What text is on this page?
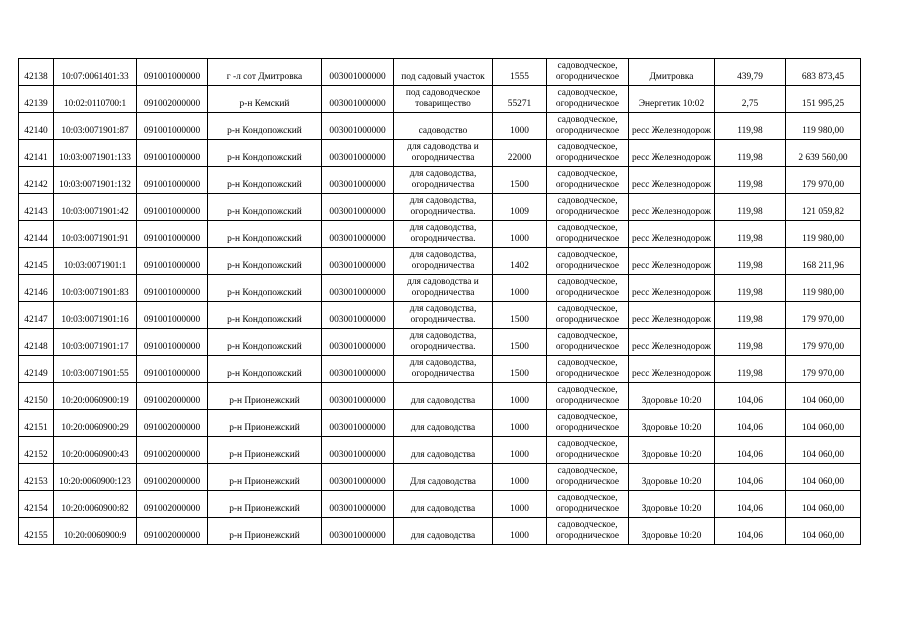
42138	10:07:0061401:33	091001000000	г -л сот Дмитровка	003001000000	под садовый участок	1555	садоводческое,
огородническое	Дмитровка	439,79	683 873,45
42139	10:02:0110700:1	091002000000	р-н Кемский	003001000000	под садоводческое
товарищество	55271	садоводческое,
огородническое	Энергетик 10:02	2,75	151 995,25
42140	10:03:0071901:87	091001000000	р-н Кондопожский	003001000000	садоводство	1000	садоводческое,
огородническое	ресс Железнодорож	119,98	119 980,00
42141	10:03:0071901:133	091001000000	р-н Кондопожский	003001000000	для садоводства и
огородничества	22000	садоводческое,
огородническое	ресс Железнодорож	119,98	2 639 560,00
42142	10:03:0071901:132	091001000000	р-н Кондопожский	003001000000	для садоводства,
огородничества	1500	садоводческое,
огородническое	ресс Железнодорож	119,98	179 970,00
42143	10:03:0071901:42	091001000000	р-н Кондопожский	003001000000	для садоводства,
огородничества.	1009	садоводческое,
огородническое	ресс Железнодорож	119,98	121 059,82
42144	10:03:0071901:91	091001000000	р-н Кондопожский	003001000000	для садоводства,
огородничества.	1000	садоводческое,
огородническое	ресс Железнодорож	119,98	119 980,00
42145	10:03:0071901:1	091001000000	р-н Кондопожский	003001000000	для садоводства,
огородничества	1402	садоводческое,
огородническое	ресс Железнодорож	119,98	168 211,96
42146	10:03:0071901:83	091001000000	р-н Кондопожский	003001000000	для садоводства и
огородничества	1000	садоводческое,
огородническое	ресс Железнодорож	119,98	119 980,00
42147	10:03:0071901:16	091001000000	р-н Кондопожский	003001000000	для садоводства,
огородничества.	1500	садоводческое,
огородническое	ресс Железнодорож	119,98	179 970,00
42148	10:03:0071901:17	091001000000	р-н Кондопожский	003001000000	для садоводства,
огородничества.	1500	садоводческое,
огородническое	ресс Железнодорож	119,98	179 970,00
42149	10:03:0071901:55	091001000000	р-н Кондопожский	003001000000	для садоводства,
огородничества	1500	садоводческое,
огородническое	ресс Железнодорож	119,98	179 970,00
42150	10:20:0060900:19	091002000000	р-н Прионежский	003001000000	для садоводства	1000	садоводческое,
огородническое	Здоровье 10:20	104,06	104 060,00
42151	10:20:0060900:29	091002000000	р-н Прионежский	003001000000	для садоводства	1000	садоводческое,
огородническое	Здоровье 10:20	104,06	104 060,00
42152	10:20:0060900:43	091002000000	р-н Прионежский	003001000000	для садоводства	1000	садоводческое,
огородническое	Здоровье 10:20	104,06	104 060,00
42153	10:20:0060900:123	091002000000	р-н Прионежский	003001000000	Для садоводства	1000	садоводческое,
огородническое	Здоровье 10:20	104,06	104 060,00
42154	10:20:0060900:82	091002000000	р-н Прионежский	003001000000	для садоводства	1000	садоводческое,
огородническое	Здоровье 10:20	104,06	104 060,00
42155	10:20:0060900:9	091002000000	р-н Прионежский	003001000000	для садоводства	1000	садоводческое,
огородническое	Здоровье 10:20	104,06	104 060,00
